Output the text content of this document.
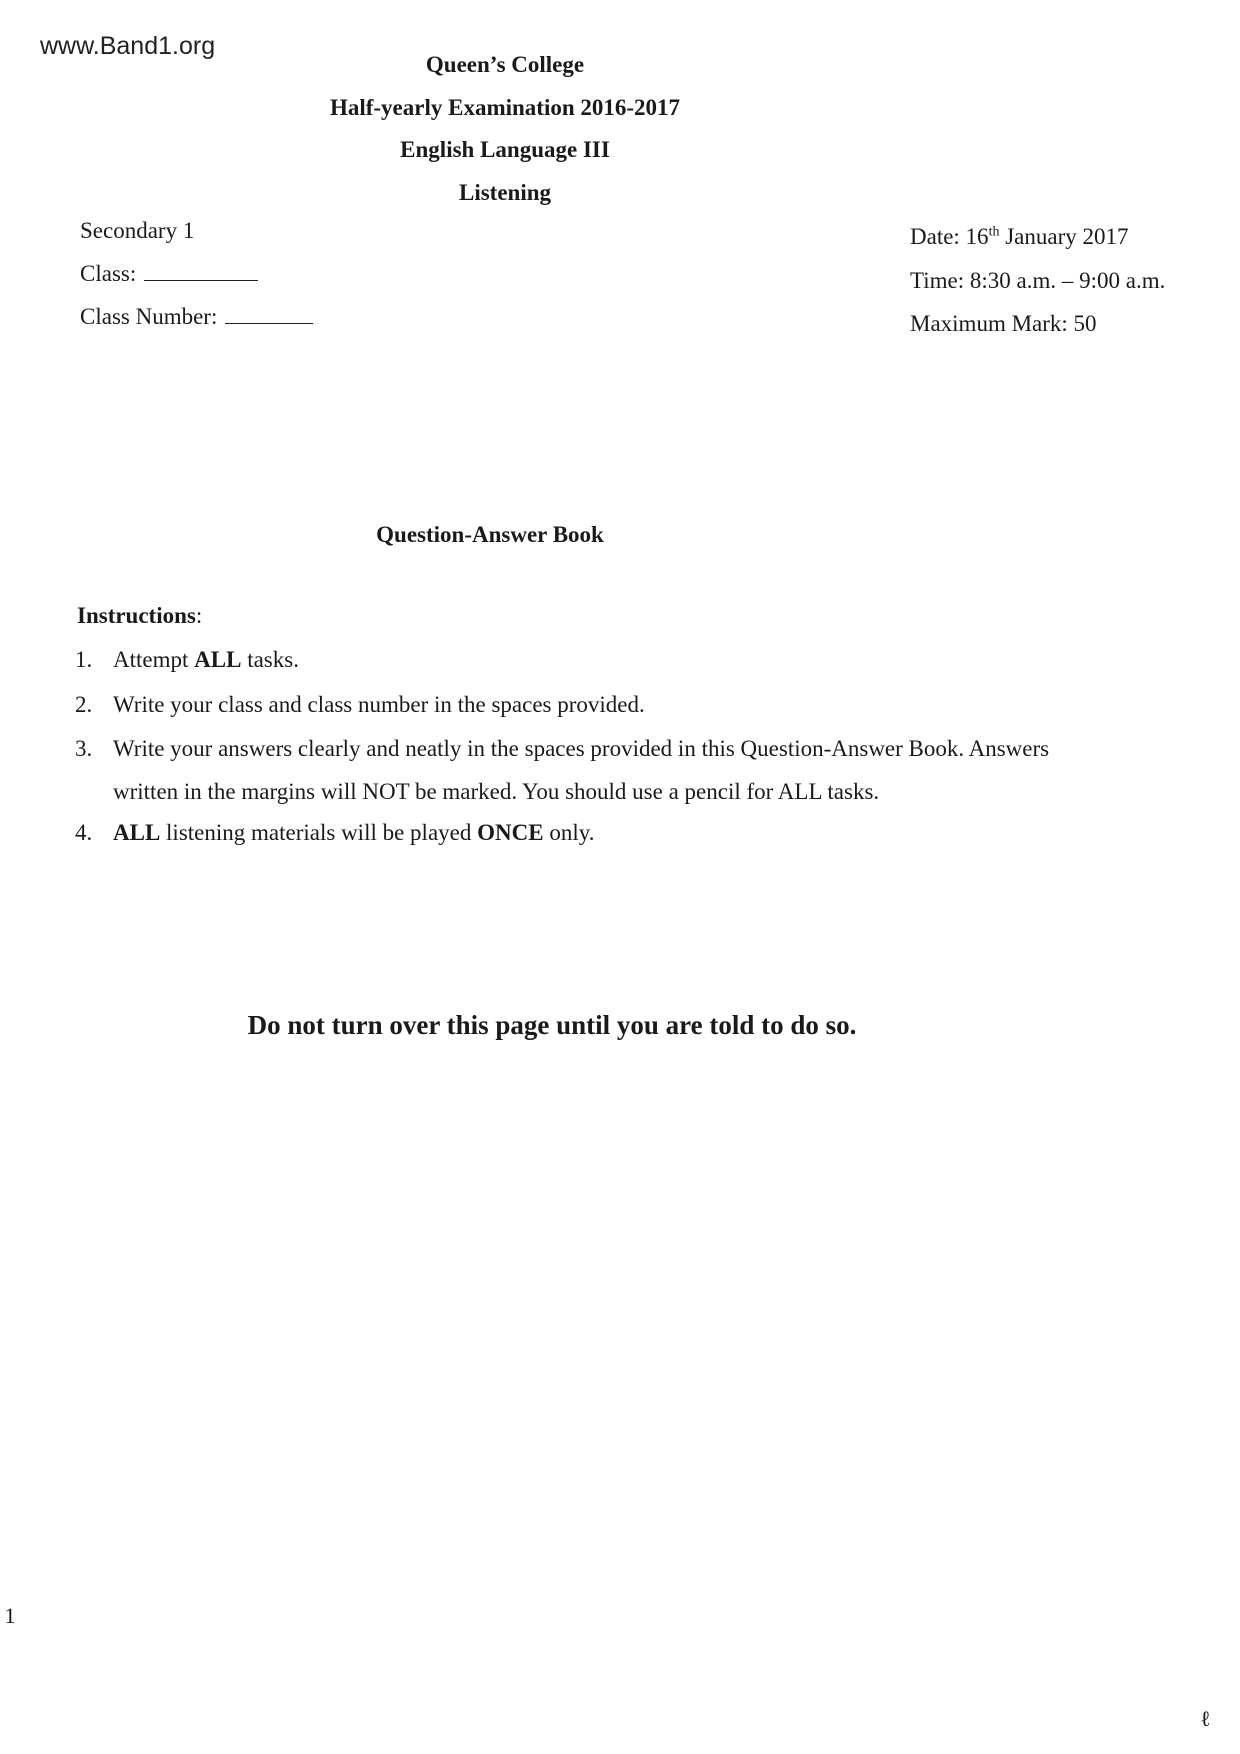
www.Band1.org
Queen’s College
Half-yearly Examination 2016-2017
English Language III
Listening
Secondary 1
Class:
Class Number:
Date: 16th January 2017
Time: 8:30 a.m. – 9:00 a.m.
Maximum Mark: 50
Question-Answer Book
Instructions:
1. Attempt ALL tasks.
2. Write your class and class number in the spaces provided.
3. Write your answers clearly and neatly in the spaces provided in this Question-Answer Book. Answers
written in the margins will NOT be marked. You should use a pencil for ALL tasks.
4. ALL listening materials will be played ONCE only.
Do not turn over this page until you are told to do so.
1
ℓ
